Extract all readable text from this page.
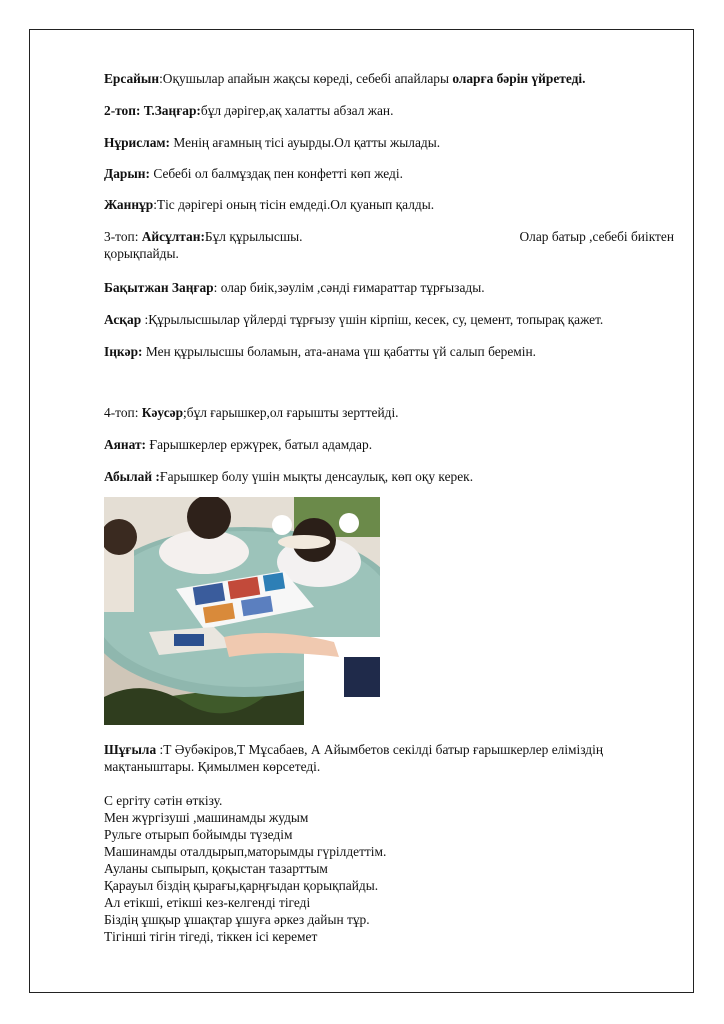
Ерсайын:Оқушылар апайын жақсы көреді, себебі апайлары оларға бәрін үйретеді.

2-топ: Т.Заңғар:бұл дәрігер,ақ халатты абзал жан.

Нұрислам: Менің ағамның тісі ауырды.Ол қатты жылады.

Дарын: Себебі ол балмұздақ пен конфетті көп жеді.

Жаннұр:Тіс дәрігері оның тісін емдеді.Ол қуанып қалды.

3-топ: Айсұлтан:Бұл құрылысшы.	Олар батыр ,себебі биіктен

қорықпайды.

Бақытжан Заңғар: олар биік,зәулім ,сәнді ғимараттар тұрғызады.

Асқар :Құрылысшылар үйлерді тұрғызу үшін кірпіш, кесек, су, цемент, топырақ қажет.

Іңкәр: Мен құрылысшы боламын, ата-анама үш қабатты үй салып беремін.

4-топ: Кәусәр;бұл ғарышкер,ол ғарышты зерттейді.

Аянат: Ғарышкерлер ержүрек, батыл адамдар.

Абылай :Ғарышкер болу үшін мықты денсаулық, көп оқу керек.

Шұғыла :Т Әубәкіров,Т Мұсабаев, А Айымбетов секілді батыр ғарышкерлер еліміздің
мақтаныштары. Қимылмен көрсетеді.

С ергіту сәтін өткізу.
Мен жүргізуші ,машинамды жудым
Рульге отырып бойымды түзедім
Машинамды оталдырып,маторымды гүрілдеттім.
Ауланы сыпырып, қоқыстан тазарттым
Қарауыл біздің қырағы,қарңғыдан қорықпайды.
Ал етікші, етікші кез-келгенді тігеді
Біздің ұшқыр ұшақтар ұшуға әркез дайын тұр.
Тігінші тігін тігеді, тіккен ісі керемет
